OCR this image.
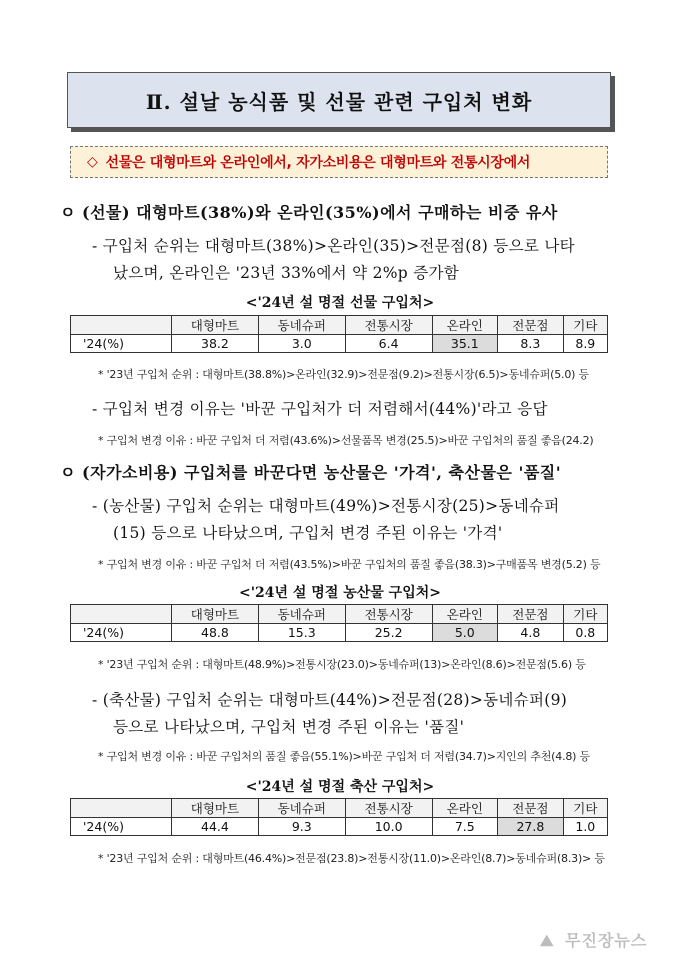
Ⅱ. 설날 농식품 및 선물 관련 구입처 변화
◇ 선물은 대형마트와 온라인에서, 자가소비용은 대형마트와 전통시장에서
ㅇ (선물) 대형마트(38%)와 온라인(35%)에서 구매하는 비중 유사
- 구입처 순위는 대형마트(38%)>온라인(35)>전문점(8) 등으로 나타
났으며, 온라인은 '23년 33%에서 약 2%p 증가함
<'24년 설 명절 선물 구입처>
	대형마트	동네슈퍼	전통시장	온라인	전문점	기타
'24(%)	38.2	3.0	6.4	35.1	8.3	8.9
* '23년 구입처 순위 : 대형마트(38.8%)>온라인(32.9)>전문점(9.2)>전통시장(6.5)>동네슈퍼(5.0) 등
- 구입처 변경 이유는 '바꾼 구입처가 더 저렴해서(44%)'라고 응답
* 구입처 변경 이유 : 바꾼 구입처 더 저렴(43.6%)>선물품목 변경(25.5)>바꾼 구입처의 품질 좋음(24.2)
ㅇ (자가소비용) 구입처를 바꾼다면 농산물은 '가격', 축산물은 '품질'
- (농산물) 구입처 순위는 대형마트(49%)>전통시장(25)>동네슈퍼
(15) 등으로 나타났으며, 구입처 변경 주된 이유는 '가격'
* 구입처 변경 이유 : 바꾼 구입처 더 저렴(43.5%)>바꾼 구입처의 품질 좋음(38.3)>구매품목 변경(5.2) 등
<'24년 설 명절 농산물 구입처>
	대형마트	동네슈퍼	전통시장	온라인	전문점	기타
'24(%)	48.8	15.3	25.2	5.0	4.8	0.8
* '23년 구입처 순위 : 대형마트(48.9%)>전통시장(23.0)>동네슈퍼(13)>온라인(8.6)>전문점(5.6) 등
- (축산물) 구입처 순위는 대형마트(44%)>전문점(28)>동네슈퍼(9)
등으로 나타났으며, 구입처 변경 주된 이유는 '품질'
* 구입처 변경 이유 : 바꾼 구입처의 품질 좋음(55.1%)>바꾼 구입처 더 저렴(34.7)>지인의 추천(4.8) 등
<'24년 설 명절 축산 구입처>
	대형마트	동네슈퍼	전통시장	온라인	전문점	기타
'24(%)	44.4	9.3	10.0	7.5	27.8	1.0
* '23년 구입처 순위 : 대형마트(46.4%)>전문점(23.8)>전통시장(11.0)>온라인(8.7)>동네슈퍼(8.3)> 등
⛰ 무진장뉴스
